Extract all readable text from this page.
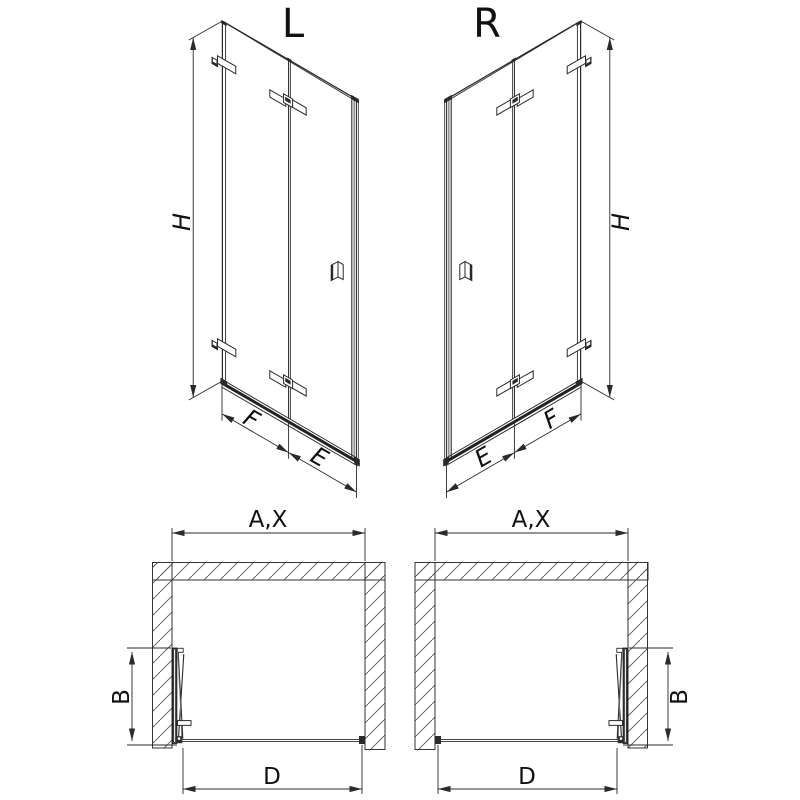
L	R
H	H
F
E
F
E
A,X	A,X
B	B
D	D
